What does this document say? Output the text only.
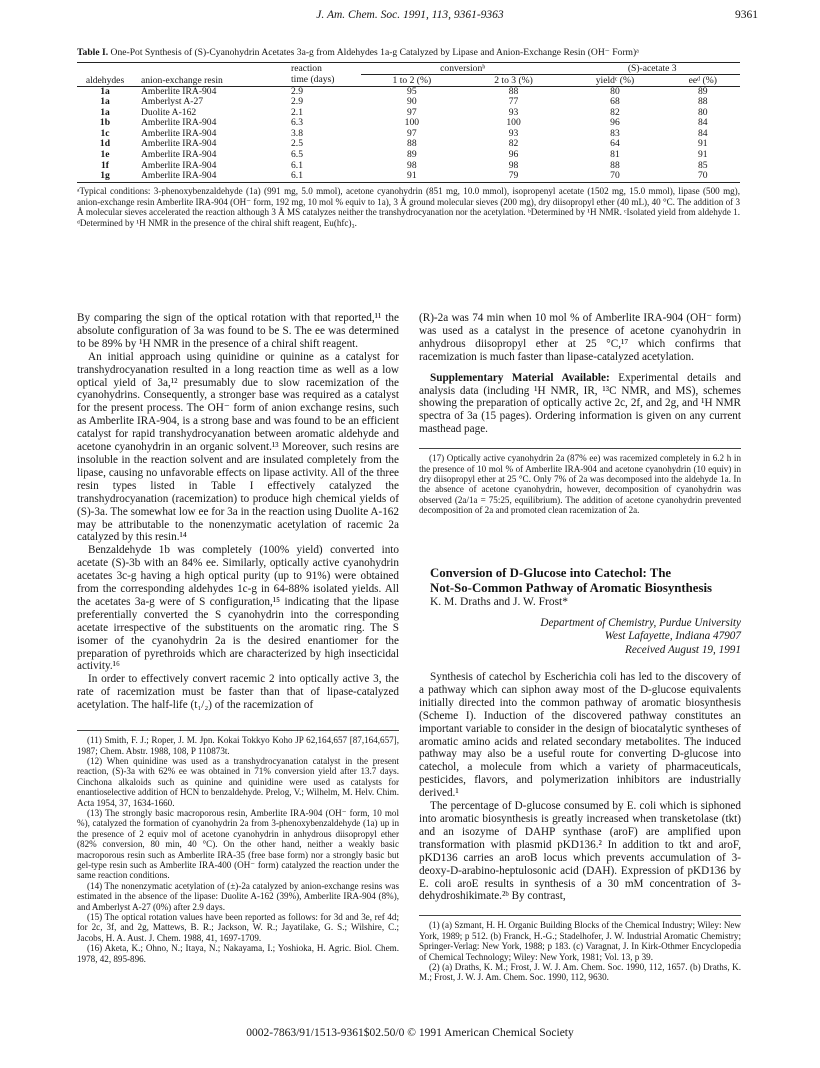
J. Am. Chem. Soc. 1991, 113, 9361-9363	9361

Table I. One-Pot Synthesis of (S)-Cyanohydrin Acetates 3a-g from Aldehydes 1a-g Catalyzed by Lipase and Anion-Exchange Resin (OH⁻ Form)ᵃ

aldehydes	anion-exchange resin	reaction	conversionᵇ		(S)-acetate 3	
		time (days)	1 to 2 (%)	2 to 3 (%)	yieldᶜ (%)	eeᵈ (%)
1a	Amberlite IRA-904	2.9	95	88	80	89
1a	Amberlyst A-27	2.9	90	77	68	88
1a	Duolite A-162	2.1	97	93	82	80
1b	Amberlite IRA-904	6.3	100	100	96	84
1c	Amberlite IRA-904	3.8	97	93	83	84
1d	Amberlite IRA-904	2.5	88	82	64	91
1e	Amberlite IRA-904	6.5	89	96	81	91
1f	Amberlite IRA-904	6.1	98	98	88	85
1g	Amberlite IRA-904	6.1	91	79	70	70

ᵃTypical conditions: 3-phenoxybenzaldehyde (1a) (991 mg, 5.0 mmol), acetone cyanohydrin (851 mg, 10.0 mmol), isopropenyl acetate (1502 mg, 15.0 mmol), lipase (500 mg), anion-exchange resin Amberlite IRA-904 (OH⁻ form, 192 mg, 10 mol % equiv to 1a), 3 Å ground molecular sieves (200 mg), dry diisopropyl ether (40 mL), 40 °C. The addition of 3 Å molecular sieves accelerated the reaction although 3 Å MS catalyzes neither the transhydrocyanation nor the acetylation. ᵇDetermined by ¹H NMR. ᶜIsolated yield from aldehyde 1. ᵈDetermined by ¹H NMR in the presence of the chiral shift reagent, Eu(hfc)₃.

By comparing the sign of the optical rotation with that reported,¹¹ the absolute configuration of 3a was found to be S. The ee was determined to be 89% by ¹H NMR in the presence of a chiral shift reagent.

An initial approach using quinidine or quinine as a catalyst for transhydrocyanation resulted in a long reaction time as well as a low optical yield of 3a,¹² presumably due to slow racemization of the cyanohydrins. Consequently, a stronger base was required as a catalyst for the present process. The OH⁻ form of anion exchange resins, such as Amberlite IRA-904, is a strong base and was found to be an efficient catalyst for rapid transhydrocyanation between aromatic aldehyde and acetone cyanohydrin in an organic solvent.¹³ Moreover, such resins are insoluble in the reaction solvent and are insulated completely from the lipase, causing no unfavorable effects on lipase activity. All of the three resin types listed in Table I effectively catalyzed the transhydrocyanation (racemization) to produce high chemical yields of (S)-3a. The somewhat low ee for 3a in the reaction using Duolite A-162 may be attributable to the nonenzymatic acetylation of racemic 2a catalyzed by this resin.¹⁴

Benzaldehyde 1b was completely (100% yield) converted into acetate (S)-3b with an 84% ee. Similarly, optically active cyanohydrin acetates 3c-g having a high optical purity (up to 91%) were obtained from the corresponding aldehydes 1c-g in 64-88% isolated yields. All the acetates 3a-g were of S configuration,¹⁵ indicating that the lipase preferentially converted the S cyanohydrin into the corresponding acetate irrespective of the substituents on the aromatic ring. The S isomer of the cyanohydrin 2a is the desired enantiomer for the preparation of pyrethroids which are characterized by high insecticidal activity.¹⁶

In order to effectively convert racemic 2 into optically active 3, the rate of racemization must be faster than that of lipase-catalyzed acetylation. The half-life (t₁/₂) of the racemization of

(11) Smith, F. J.; Roper, J. M. Jpn. Kokai Tokkyo Koho JP 62,164,657 [87,164,657], 1987; Chem. Abstr. 1988, 108, P 110873t.

(12) When quinidine was used as a transhydrocyanation catalyst in the present reaction, (S)-3a with 62% ee was obtained in 71% conversion yield after 13.7 days. Cinchona alkaloids such as quinine and quinidine were used as catalysts for enantioselective addition of HCN to benzaldehyde. Prelog, V.; Wilhelm, M. Helv. Chim. Acta 1954, 37, 1634-1660.

(13) The strongly basic macroporous resin, Amberlite IRA-904 (OH⁻ form, 10 mol %), catalyzed the formation of cyanohydrin 2a from 3-phenoxybenzaldehyde (1a) up in the presence of 2 equiv mol of acetone cyanohydrin in anhydrous diisopropyl ether (82% conversion, 80 min, 40 °C). On the other hand, neither a weakly basic macroporous resin such as Amberlite IRA-35 (free base form) nor a strongly basic but gel-type resin such as Amberlite IRA-400 (OH⁻ form) catalyzed the reaction under the same reaction conditions.

(14) The nonenzymatic acetylation of (±)-2a catalyzed by anion-exchange resins was estimated in the absence of the lipase: Duolite A-162 (39%), Amberlite IRA-904 (8%), and Amberlyst A-27 (0%) after 2.9 days.

(15) The optical rotation values have been reported as follows: for 3d and 3e, ref 4d; for 2c, 3f, and 2g, Mattews, B. R.; Jackson, W. R.; Jayatilake, G. S.; Wilshire, C.; Jacobs, H. A. Aust. J. Chem. 1988, 41, 1697-1709.

(16) Aketa, K.; Ohno, N.; Itaya, N.; Nakayama, I.; Yoshioka, H. Agric. Biol. Chem. 1978, 42, 895-896.

(R)-2a was 74 min when 10 mol % of Amberlite IRA-904 (OH⁻ form) was used as a catalyst in the presence of acetone cyanohydrin in anhydrous diisopropyl ether at 25 °C,¹⁷ which confirms that racemization is much faster than lipase-catalyzed acetylation.

Supplementary Material Available: Experimental details and analysis data (including ¹H NMR, IR, ¹³C NMR, and MS), schemes showing the preparation of optically active 2c, 2f, and 2g, and ¹H NMR spectra of 3a (15 pages). Ordering information is given on any current masthead page.

(17) Optically active cyanohydrin 2a (87% ee) was racemized completely in 6.2 h in the presence of 10 mol % of Amberlite IRA-904 and acetone cyanohydrin (10 equiv) in dry diisopropyl ether at 25 °C. Only 7% of 2a was decomposed into the aldehyde 1a. In the absence of acetone cyanohydrin, however, decomposition of cyanohydrin was observed (2a/1a = 75:25, equilibrium). The addition of acetone cyanohydrin prevented decomposition of 2a and promoted clean racemization of 2a.

Conversion of D-Glucose into Catechol: The

Not-So-Common Pathway of Aromatic Biosynthesis

K. M. Draths and J. W. Frost*

Department of Chemistry, Purdue University
West Lafayette, Indiana 47907
Received August 19, 1991

Synthesis of catechol by Escherichia coli has led to the discovery of a pathway which can siphon away most of the D-glucose equivalents initially directed into the common pathway of aromatic biosynthesis (Scheme I). Induction of the discovered pathway constitutes an important variable to consider in the design of biocatalytic syntheses of aromatic amino acids and related secondary metabolites. The induced pathway may also be a useful route for converting D-glucose into catechol, a molecule from which a variety of pharmaceuticals, pesticides, flavors, and polymerization inhibitors are industrially derived.¹

The percentage of D-glucose consumed by E. coli which is siphoned into aromatic biosynthesis is greatly increased when transketolase (tkt) and an isozyme of DAHP synthase (aroF) are amplified upon transformation with plasmid pKD136.² In addition to tkt and aroF, pKD136 carries an aroB locus which prevents accumulation of 3-deoxy-D-arabino-heptulosonic acid (DAH). Expression of pKD136 by E. coli aroE results in synthesis of a 30 mM concentration of 3-dehydroshikimate.²ᵇ By contrast,

(1) (a) Szmant, H. H. Organic Building Blocks of the Chemical Industry; Wiley: New York, 1989; p 512. (b) Franck, H.-G.; Stadelhofer, J. W. Industrial Aromatic Chemistry; Springer-Verlag: New York, 1988; p 183. (c) Varagnat, J. In Kirk-Othmer Encyclopedia of Chemical Technology; Wiley: New York, 1981; Vol. 13, p 39.

(2) (a) Draths, K. M.; Frost, J. W. J. Am. Chem. Soc. 1990, 112, 1657. (b) Draths, K. M.; Frost, J. W. J. Am. Chem. Soc. 1990, 112, 9630.

0002-7863/91/1513-9361$02.50/0 © 1991 American Chemical Society
